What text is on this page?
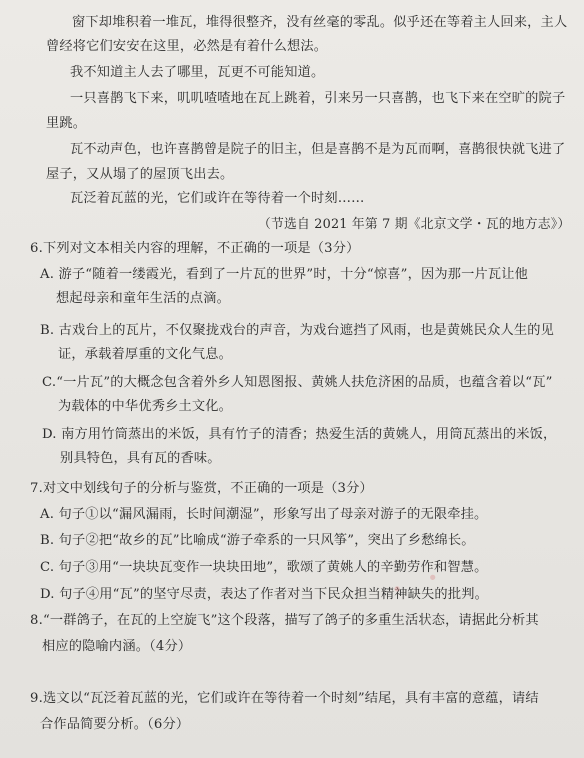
窗下却堆积着一堆瓦，堆得很整齐，没有丝毫的零乱。似乎还在等着主人回来，主人
曾经将它们安安在这里，必然是有着什么想法。
我不知道主人去了哪里，瓦更不可能知道。
一只喜鹊飞下来，叽叽喳喳地在瓦上跳着，引来另一只喜鹊，也飞下来在空旷的院子
里跳。
瓦不动声色，也许喜鹊曾是院子的旧主，但是喜鹊不是为瓦而啊，喜鹊很快就飞进了
屋子，又从塌了的屋顶飞出去。
瓦泛着瓦蓝的光，它们或许在等待着一个时刻……
（节选自 2021 年第 7 期《北京文学・瓦的地方志》）
6.下列对文本相关内容的理解，不正确的一项是（3分）
A. 游子“随着一缕霞光，看到了一片瓦的世界”时，十分“惊喜”，因为那一片瓦让他
想起母亲和童年生活的点滴。
B. 古戏台上的瓦片，不仅聚拢戏台的声音，为戏台遮挡了风雨，也是黄姚民众人生的见
证，承载着厚重的文化气息。
C.“一片瓦”的大概念包含着外乡人知恩图报、黄姚人扶危济困的品质，也蕴含着以“瓦”
为载体的中华优秀乡土文化。
D. 南方用竹筒蒸出的米饭，具有竹子的清香；热爱生活的黄姚人，用筒瓦蒸出的米饭，
别具特色，具有瓦的香味。
7.对文中划线句子的分析与鉴赏，不正确的一项是（3分）
A. 句子①以“漏风漏雨，长时间潮湿”，形象写出了母亲对游子的无限牵挂。
B. 句子②把“故乡的瓦”比喻成“游子牵系的一只风筝”，突出了乡愁绵长。
C. 句子③用“一块块瓦变作一块块田地”，歌颂了黄姚人的辛勤劳作和智慧。
D. 句子④用“瓦”的坚守尽责，表达了作者对当下民众担当精神缺失的批判。
8.“一群鸽子，在瓦的上空旋飞”这个段落，描写了鸽子的多重生活状态，请据此分析其
相应的隐喻内涵。（4分）
9.选文以“瓦泛着瓦蓝的光，它们或许在等待着一个时刻”结尾，具有丰富的意蕴，请结
合作品简要分析。（6分）
· ·
